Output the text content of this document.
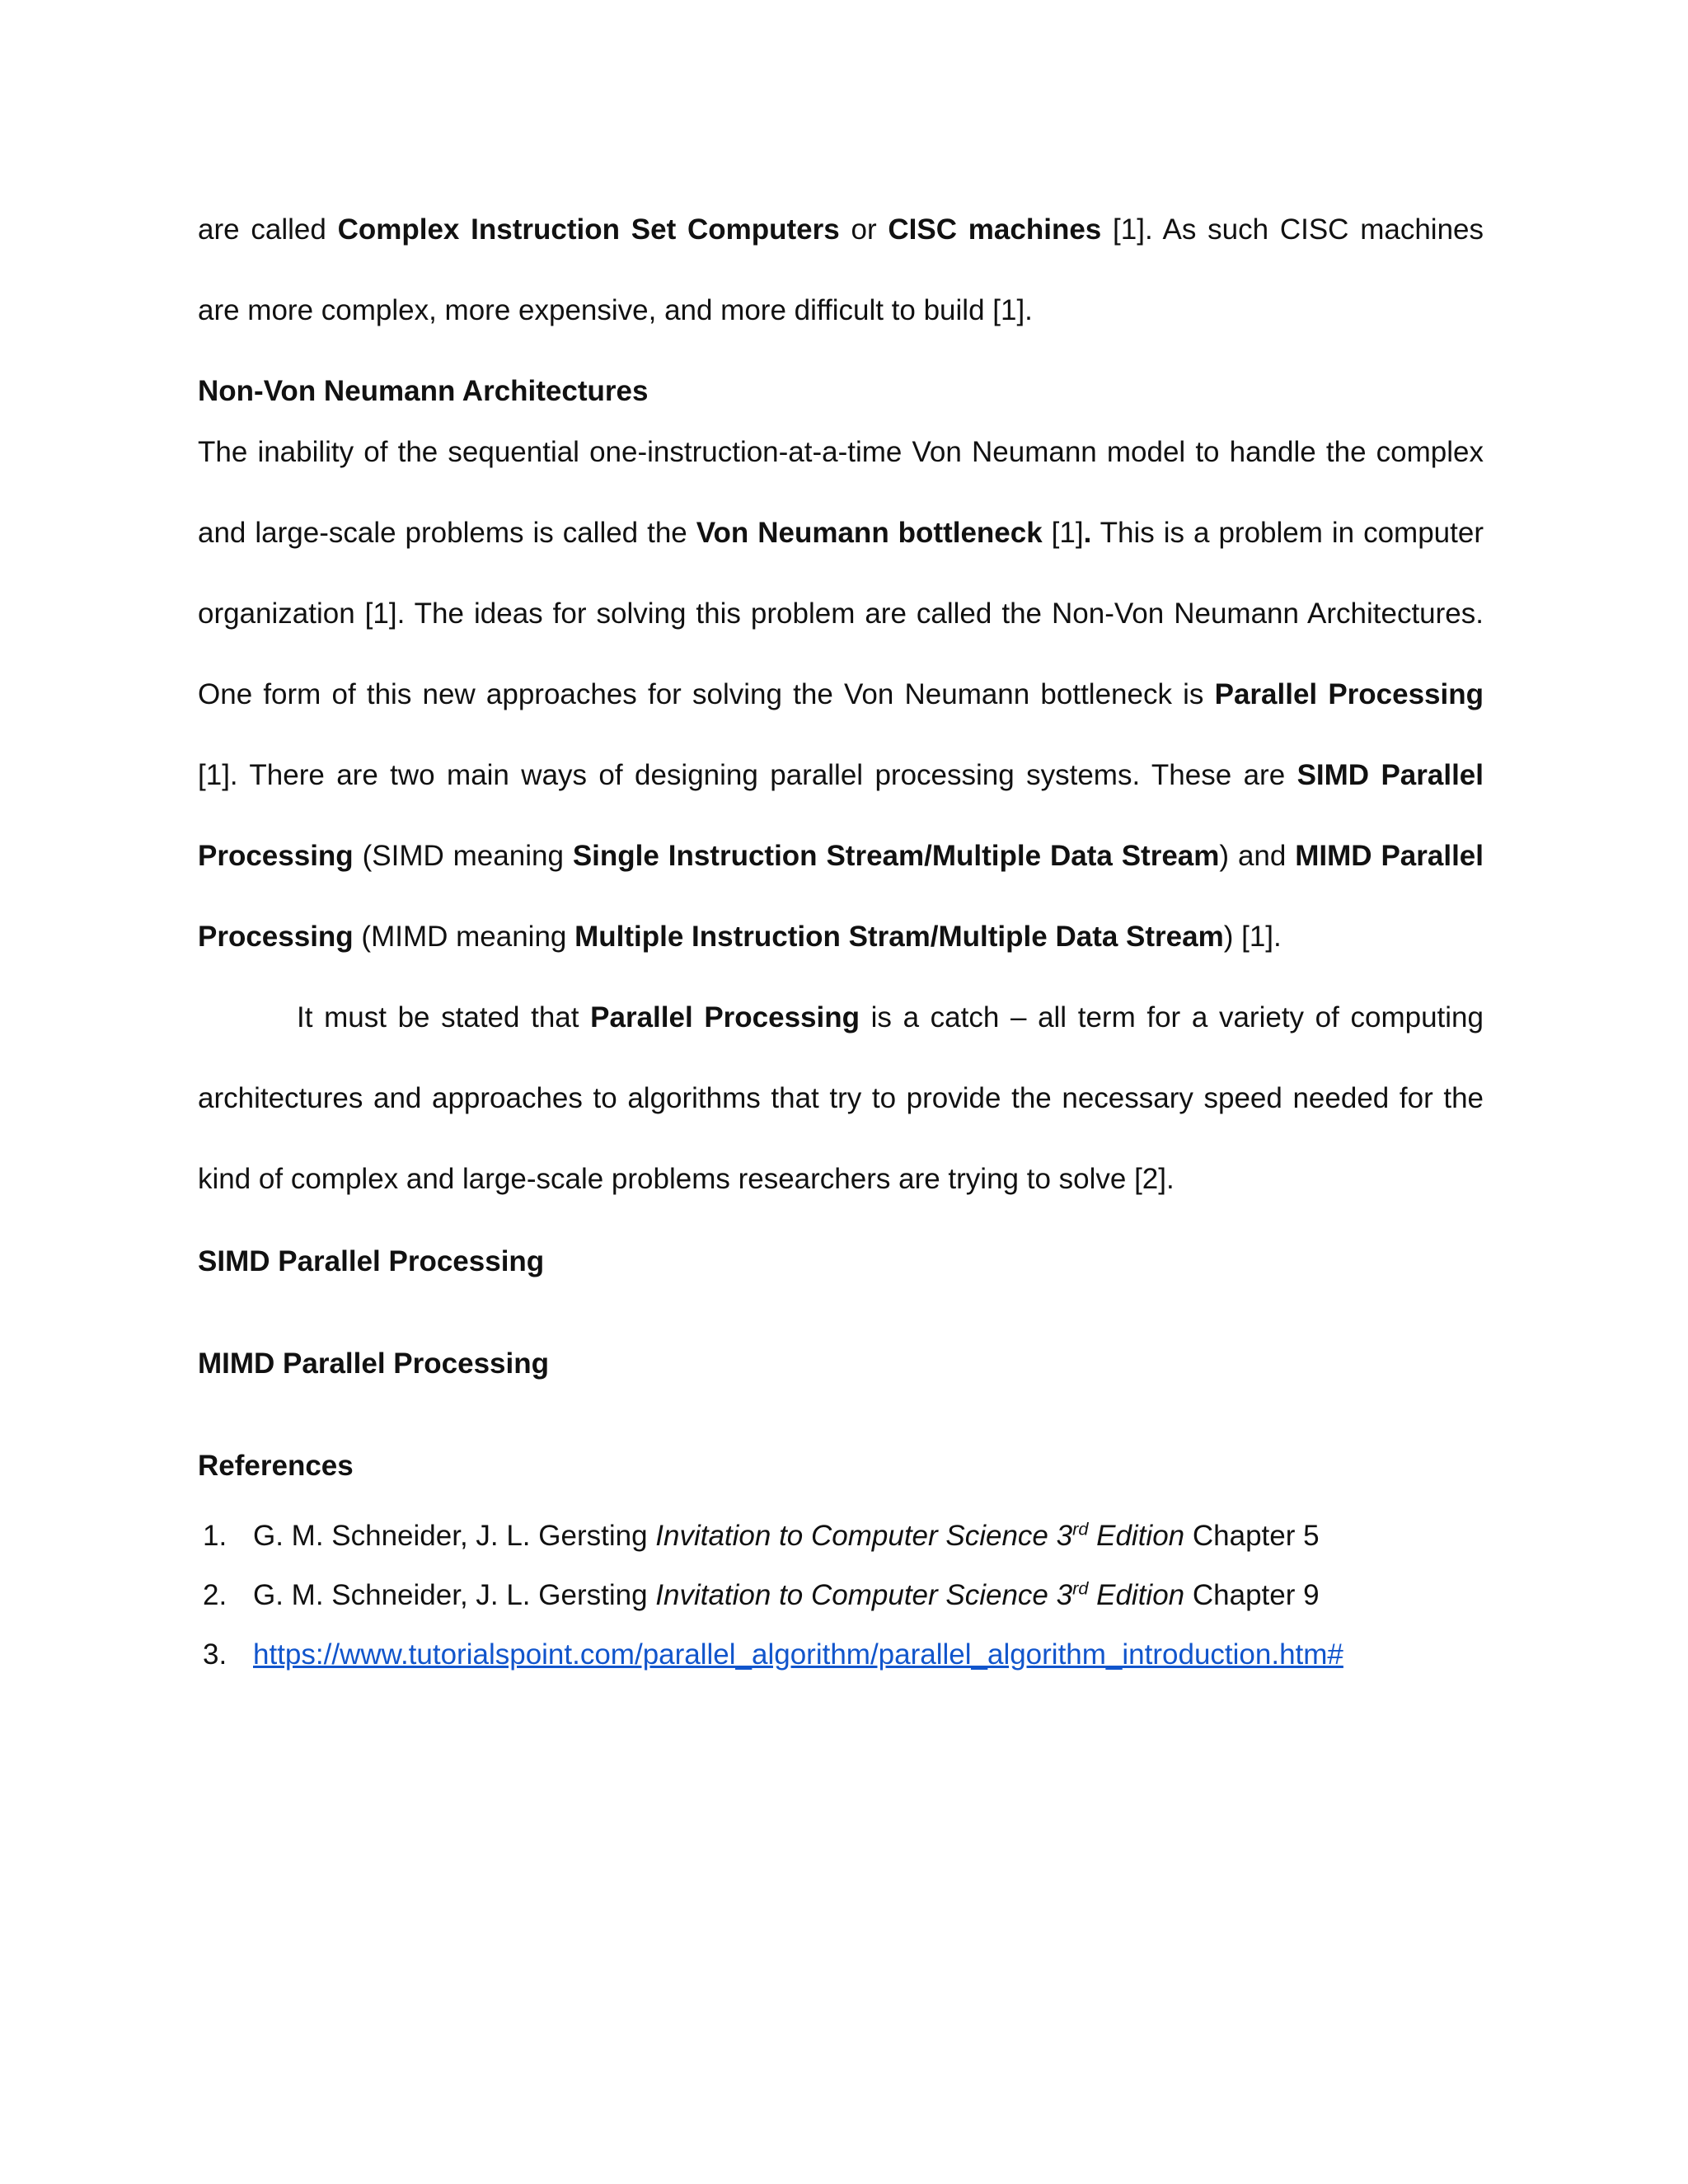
are called Complex Instruction Set Computers or CISC machines [1]. As such CISC machines are more complex, more expensive, and more difficult to build [1].

Non-Von Neumann Architectures

The inability of the sequential one-instruction-at-a-time Von Neumann model to handle the complex and large-scale problems is called the Von Neumann bottleneck [1]. This is a problem in computer organization [1]. The ideas for solving this problem are called the Non-Von Neumann Architectures. One form of this new approaches for solving the Von Neumann bottleneck is Parallel Processing [1]. There are two main ways of designing parallel processing systems. These are SIMD Parallel Processing (SIMD meaning Single Instruction Stream/Multiple Data Stream) and MIMD Parallel Processing (MIMD meaning Multiple Instruction Stram/Multiple Data Stream) [1].

It must be stated that Parallel Processing is a catch – all term for a variety of computing architectures and approaches to algorithms that try to provide the necessary speed needed for the kind of complex and large-scale problems researchers are trying to solve [2].

SIMD Parallel Processing
MIMD Parallel Processing
References
1. G. M. Schneider, J. L. Gersting Invitation to Computer Science 3rd Edition Chapter 5
2. G. M. Schneider, J. L. Gersting Invitation to Computer Science 3rd Edition Chapter 9
3. https://www.tutorialspoint.com/parallel_algorithm/parallel_algorithm_introduction.htm#
